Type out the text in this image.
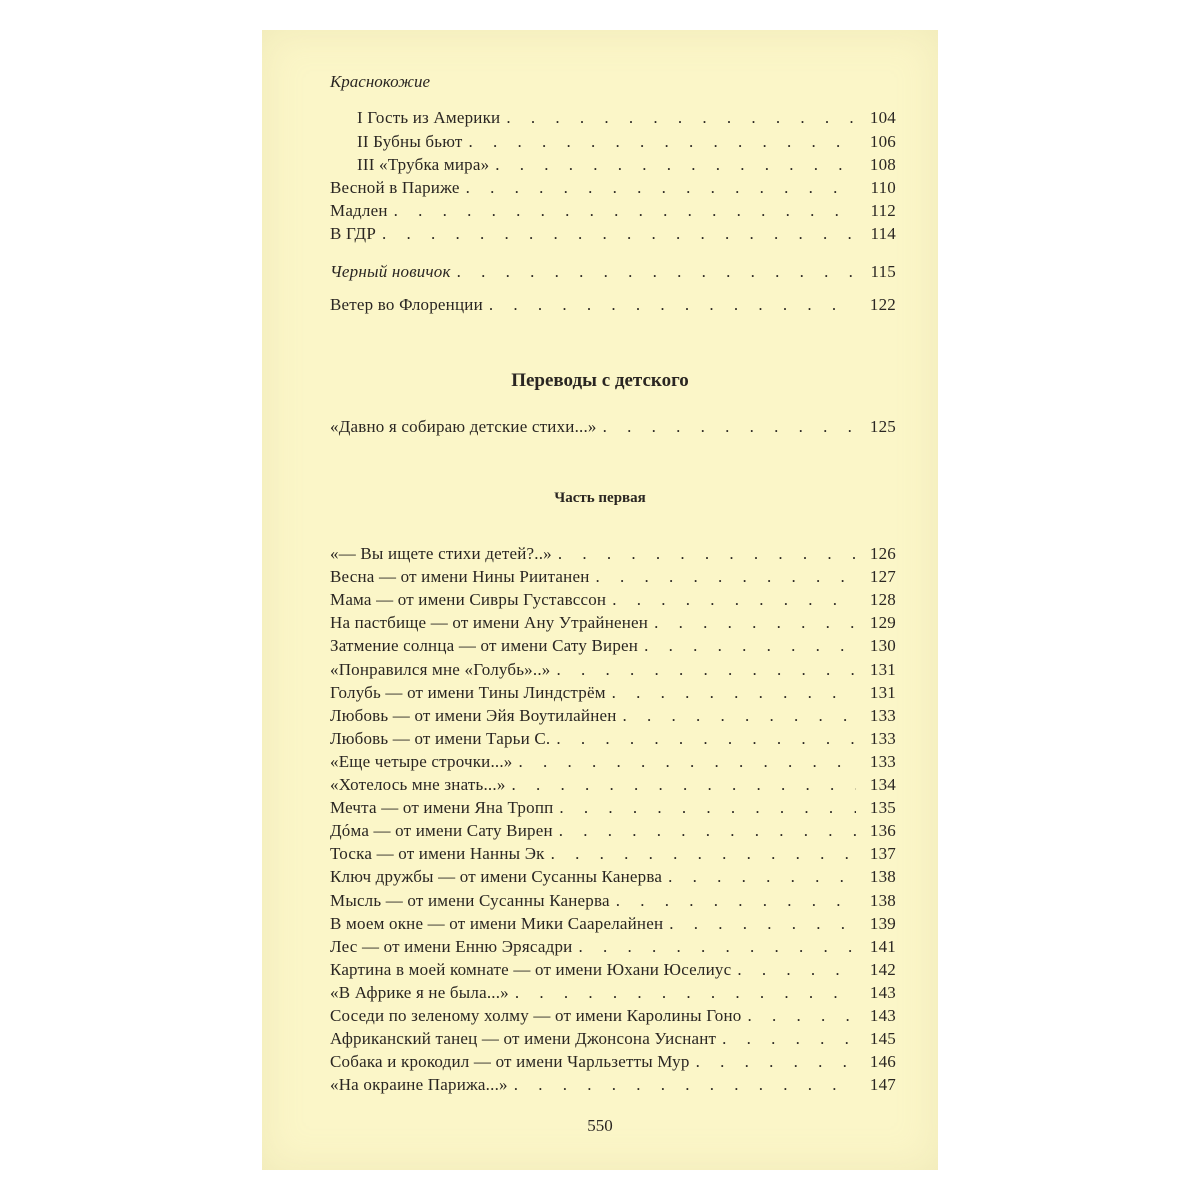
Краснокожие
I Гость из Америки . . .	104
II Бубны бьют . . .	106
III «Трубка мира» . . .	108
Весной в Париже . . .	110
Мадлен . . .	112
В ГДР . . .	114
Черный новичок . . .	115
Ветер во Флоренции . . .	122
Переводы с детского
«Давно я собираю детские стихи...» . . .	125
Часть первая
«— Вы ищете стихи детей?..» . . .	126
Весна — от имени Нины Риитанен . . .	127
Мама — от имени Сивры Густавссон . . .	128
На пастбище — от имени Ану Утрайненен . . .	129
Затмение солнца — от имени Сату Вирен . . .	130
«Понравился мне «Голубь»..» . . .	131
Голубь — от имени Тины Линдстрём . . .	131
Любовь — от имени Эйя Воутилайнен . . .	133
Любовь — от имени Тарьи С. . . .	133
«Еще четыре строчки...» . . .	133
«Хотелось мне знать...» . . .	134
Мечта — от имени Яна Тропп . . .	135
Дóма — от имени Сату Вирен . . .	136
Тоска — от имени Нанны Эк . . .	137
Ключ дружбы — от имени Сусанны Канерва . . .	138
Мысль — от имени Сусанны Канерва . . .	138
В моем окне — от имени Мики Саарелайнен . . .	139
Лес — от имени Енню Эрясадри . . .	141
Картина в моей комнате — от имени Юхани Юселиус . . .	142
«В Африке я не была...» . . .	143
Соседи по зеленому холму — от имени Каролины Гоно . . .	143
Африканский танец — от имени Джонсона Уиснант . . .	145
Собака и крокодил — от имени Чарльзетты Мур . . .	146
«На окраине Парижа...» . . .	147
550
